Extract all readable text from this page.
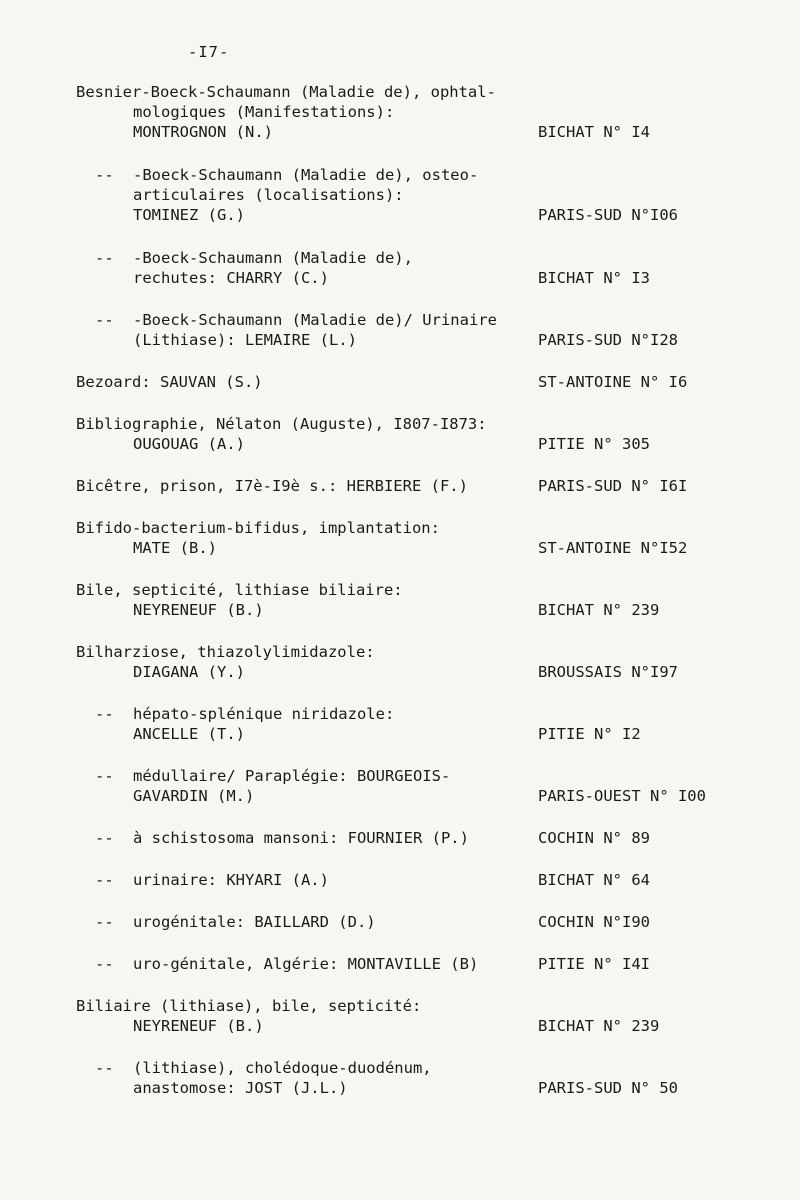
-I7-
Besnier-Boeck-Schaumann (Maladie de), ophtal-
mologiques (Manifestations):
MONTROGNON (N.)	BICHAT N° I4
-- -Boeck-Schaumann (Maladie de), osteo-
articulaires (localisations):
TOMINEZ (G.)	PARIS-SUD N°I06
-- -Boeck-Schaumann (Maladie de),
rechutes: CHARRY (C.)	BICHAT N° I3
-- -Boeck-Schaumann (Maladie de)/ Urinaire
(Lithiase): LEMAIRE (L.)	PARIS-SUD N°I28
Bezoard: SAUVAN (S.)	ST-ANTOINE N° I6
Bibliographie, Nélaton (Auguste), I807-I873:
OUGOUAG (A.)	PITIE N° 305
Bicêtre, prison, I7è-I9è s.: HERBIERE (F.)	PARIS-SUD N° I6I
Bifido-bacterium-bifidus, implantation:
MATE (B.)	ST-ANTOINE N°I52
Bile, septicité, lithiase biliaire:
NEYRENEUF (B.)	BICHAT N° 239
Bilharziose, thiazolylimidazole:
DIAGANA (Y.)	BROUSSAIS N°I97
-- hépato-splénique niridazole:
ANCELLE (T.)	PITIE N° I2
-- médullaire/ Paraplégie: BOURGEOIS-
GAVARDIN (M.)	PARIS-OUEST N° I00
-- à schistosoma mansoni: FOURNIER (P.)	COCHIN N° 89
-- urinaire: KHYARI (A.)	BICHAT N° 64
-- urogénitale: BAILLARD (D.)	COCHIN N°I90
-- uro-génitale, Algérie: MONTAVILLE (B)	PITIE N° I4I
Biliaire (lithiase), bile, septicité:
NEYRENEUF (B.)	BICHAT N° 239
-- (lithiase), cholédoque-duodénum,
anastomose: JOST (J.L.)	PARIS-SUD N° 50
